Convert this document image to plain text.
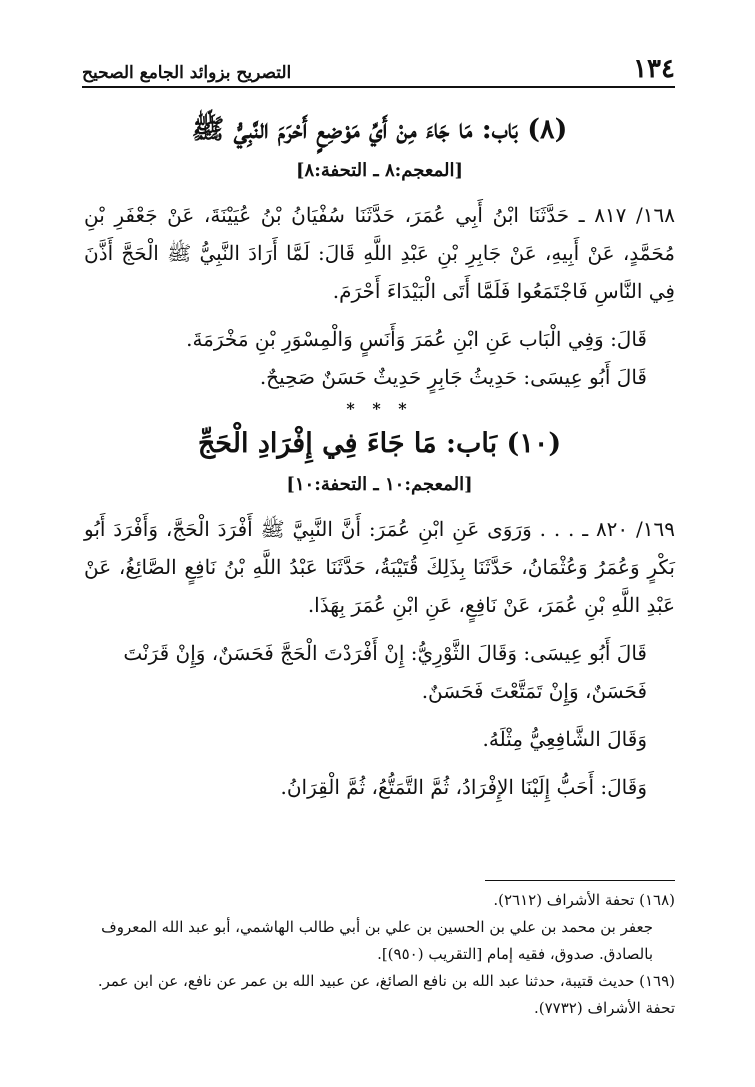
١٣٤
التصريح بزوائد الجامع الصحيح
(٨) بَاب: مَا جَاءَ مِنْ أَيِّ مَوْضِعٍ أَحْرَمَ النَّبِيُّ ﷺ
[المعجم:٨ ـ التحفة:٨]

١٦٨/ ٨١٧ ـ حَدَّثَنَا ابْنُ أَبِي عُمَرَ، حَدَّثَنَا سُفْيَانُ بْنُ عُيَيْنَةَ، عَنْ جَعْفَرِ بْنِ مُحَمَّدٍ، عَنْ أَبِيهِ، عَنْ جَابِرِ بْنِ عَبْدِ اللَّهِ قَالَ: لَمَّا أَرَادَ النَّبِيُّ ﷺ الْحَجَّ أَذَّنَ فِي النَّاسِ فَاجْتَمَعُوا فَلَمَّا أَتَى الْبَيْدَاءَ أَحْرَمَ.

قَالَ: وَفِي الْبَاب عَنِ ابْنِ عُمَرَ وَأَنَسٍ وَالْمِسْوَرِ بْنِ مَخْرَمَةَ.

قَالَ أَبُو عِيسَى: حَدِيثُ جَابِرٍ حَدِيثٌ حَسَنٌ صَحِيحٌ.

* * *
(١٠) بَاب: مَا جَاءَ فِي إِفْرَادِ الْحَجِّ
[المعجم:١٠ ـ التحفة:١٠]

١٦٩/ ٨٢٠ ـ . . . وَرَوَى عَنِ ابْنِ عُمَرَ: أَنَّ النَّبِيَّ ﷺ أَفْرَدَ الْحَجَّ، وَأَفْرَدَ أَبُو بَكْرٍ وَعُمَرُ وَعُثْمَانُ، حَدَّثَنَا بِذَلِكَ قُتَيْبَةُ، حَدَّثَنَا عَبْدُ اللَّهِ بْنُ نَافِعٍ الصَّائِغُ، عَنْ عَبْدِ اللَّهِ بْنِ عُمَرَ، عَنْ نَافِعٍ، عَنِ ابْنِ عُمَرَ بِهَذَا.

قَالَ أَبُو عِيسَى: وَقَالَ الثَّوْرِيُّ: إِنْ أَفْرَدْتَ الْحَجَّ فَحَسَنٌ، وَإِنْ قَرَنْتَ فَحَسَنٌ، وَإِنْ تَمَتَّعْتَ فَحَسَنٌ.

وَقَالَ الشَّافِعِيُّ مِثْلَهُ.

وَقَالَ: أَحَبُّ إِلَيْنَا الإِفْرَادُ، ثُمَّ التَّمَتُّعُ، ثُمَّ الْقِرَانُ.

(١٦٨) تحفة الأشراف (٢٦١٢).

جعفر بن محمد بن علي بن الحسين بن علي بن أبي طالب الهاشمي، أبو عبد الله المعروف بالصادق. صدوق، فقيه إمام [التقريب (٩٥٠)].

(١٦٩) حديث قتيبة، حدثنا عبد الله بن نافع الصائغ، عن عبيد الله بن عمر عن نافع، عن ابن عمر. تحفة الأشراف (٧٧٣٢).
